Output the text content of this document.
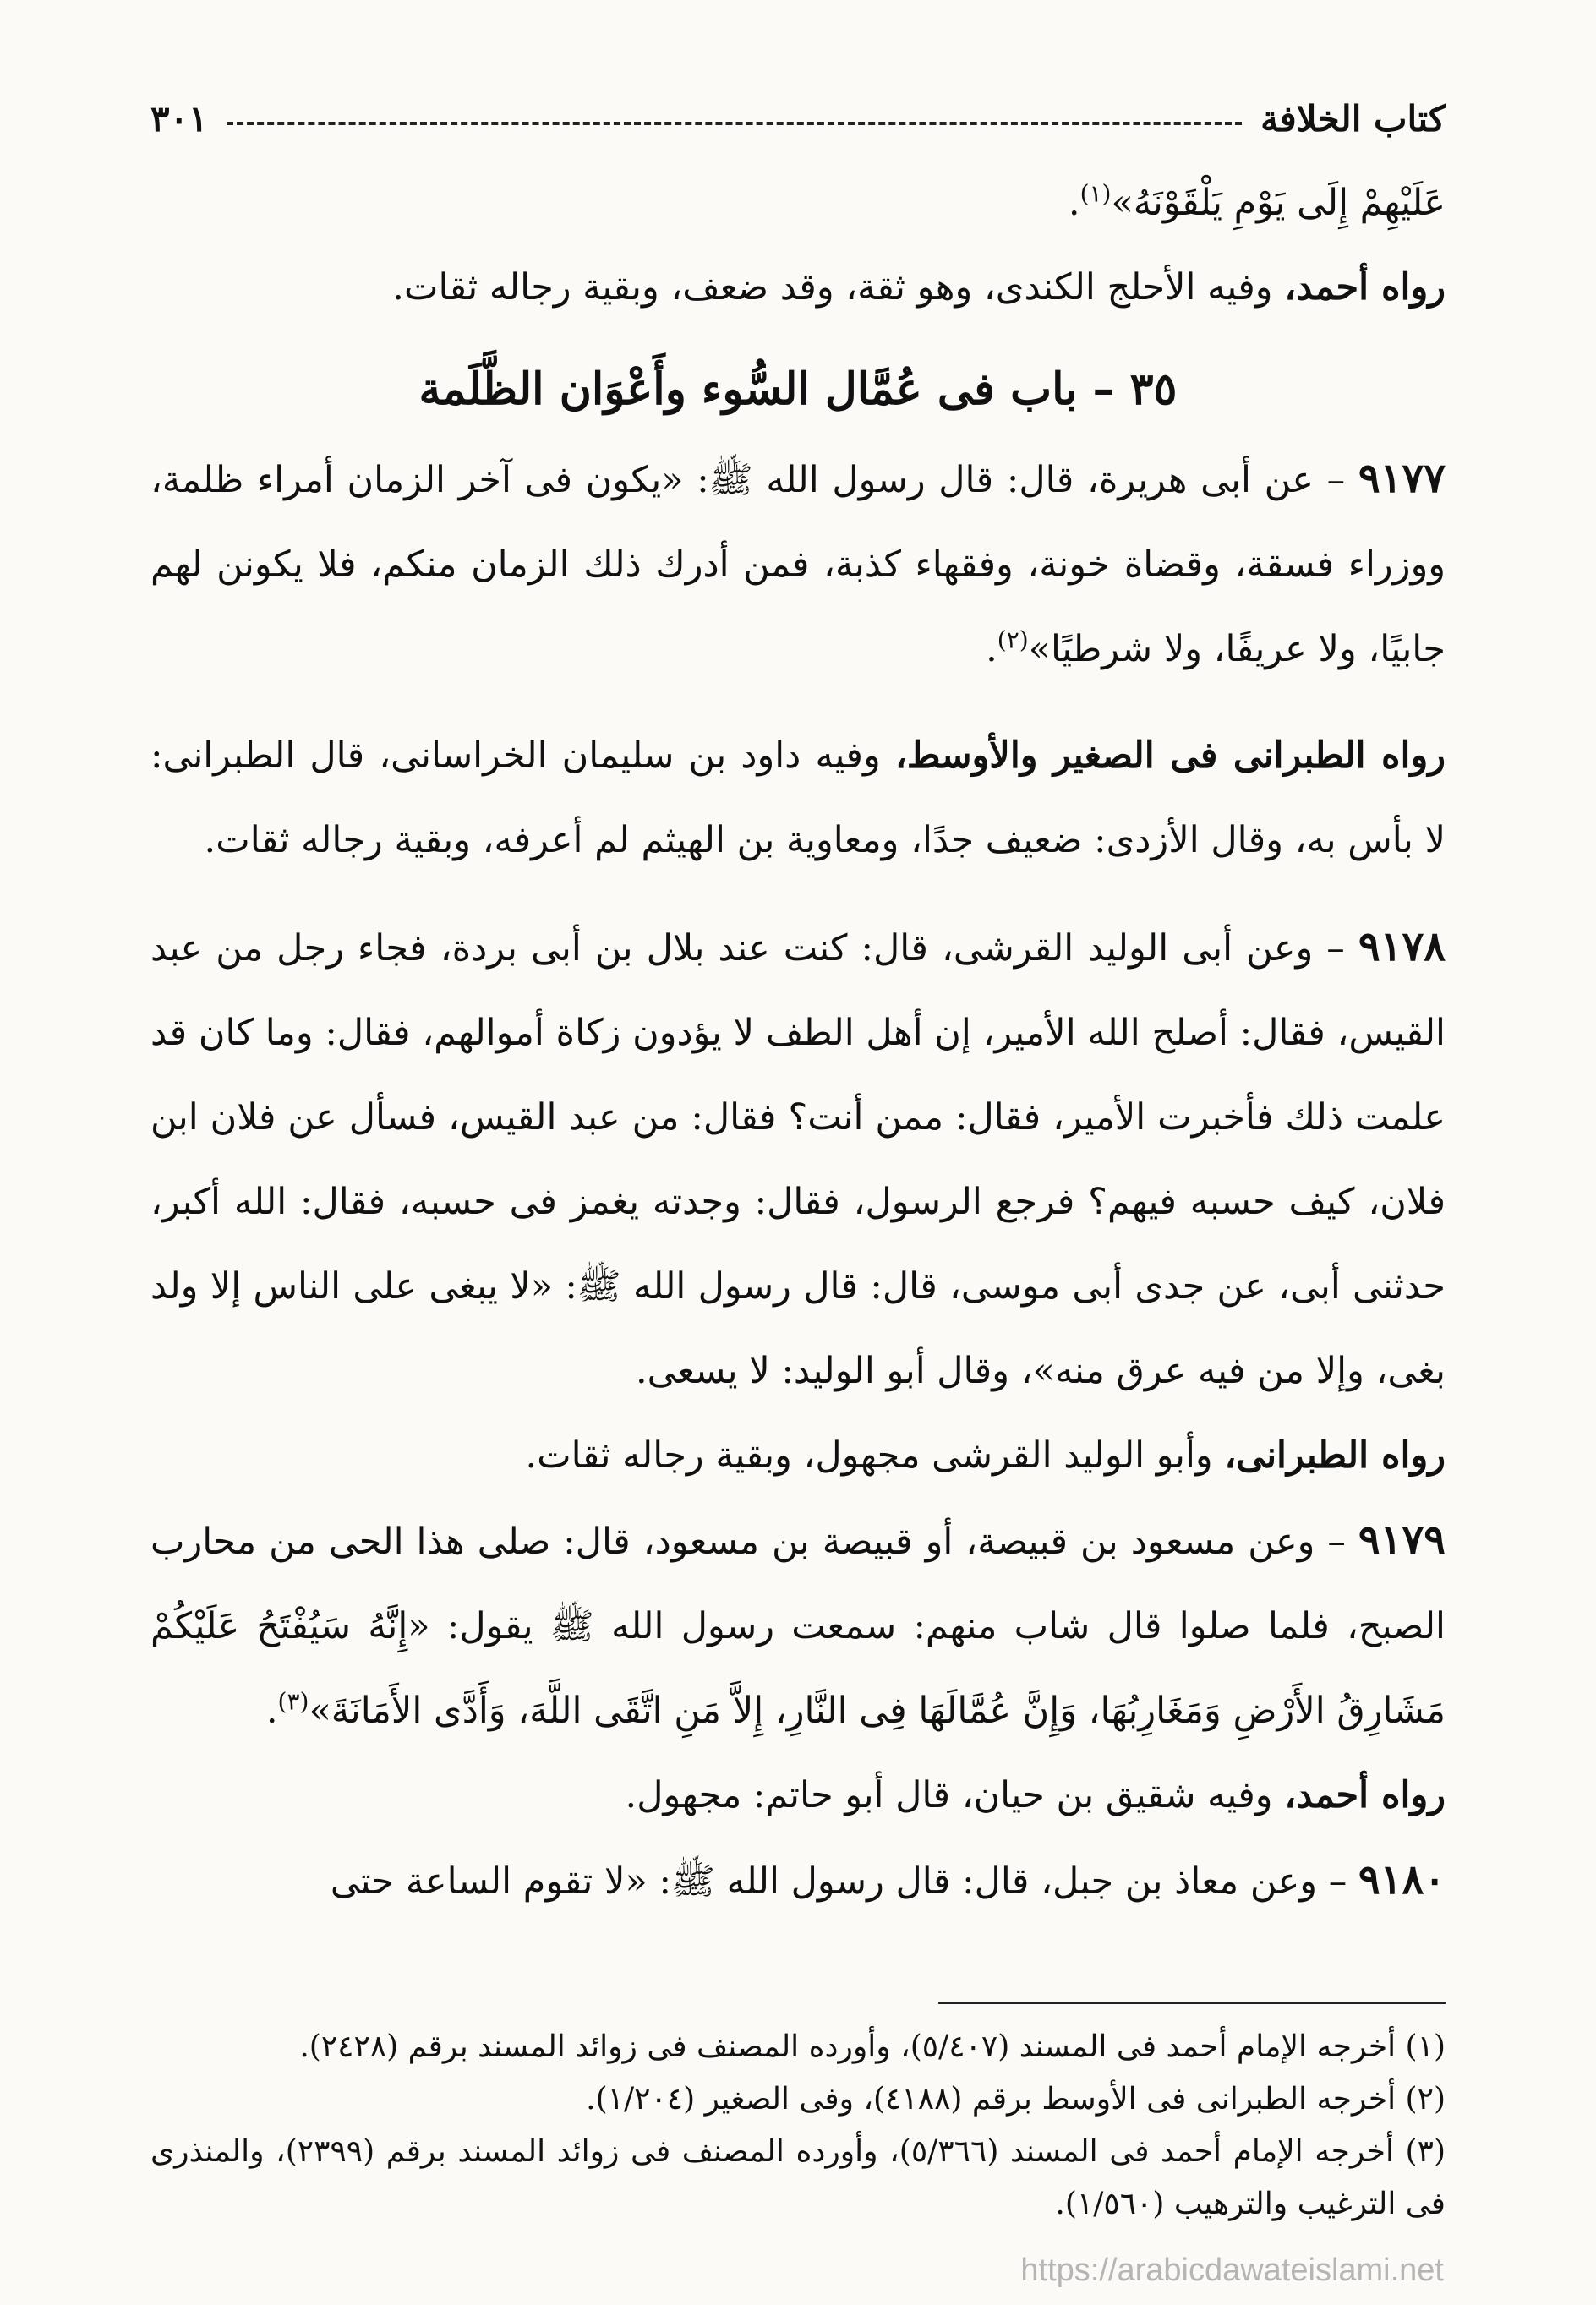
كتاب الخلافة
٣٠١

عَلَيْهِمْ إِلَى يَوْمِ يَلْقَوْنَهُ»$^{(١)}$.

رواه أحمد، وفيه الأحلج الكندى، وهو ثقة، وقد ضعف، وبقية رجاله ثقات.

٣٥ – باب فى عُمَّال السُّوء وأَعْوَان الظَّلَمة

٩١٧٧ – عن أبى هريرة، قال: قال رسول الله ﷺ: «يكون فى آخر الزمان أمراء ظلمة، ووزراء فسقة، وقضاة خونة، وفقهاء كذبة، فمن أدرك ذلك الزمان منكم، فلا يكونن لهم جابيًا، ولا عريفًا، ولا شرطيًا»$^{(٢)}$.

رواه الطبرانى فى الصغير والأوسط، وفيه داود بن سليمان الخراسانى، قال الطبرانى: لا بأس به، وقال الأزدى: ضعيف جدًا، ومعاوية بن الهيثم لم أعرفه، وبقية رجاله ثقات.

٩١٧٨ – وعن أبى الوليد القرشى، قال: كنت عند بلال بن أبى بردة، فجاء رجل من عبد القيس، فقال: أصلح الله الأمير، إن أهل الطف لا يؤدون زكاة أموالهم، فقال: وما كان قد علمت ذلك فأخبرت الأمير، فقال: ممن أنت؟ فقال: من عبد القيس، فسأل عن فلان ابن فلان، كيف حسبه فيهم؟ فرجع الرسول، فقال: وجدته يغمز فى حسبه، فقال: الله أكبر، حدثنى أبى، عن جدى أبى موسى، قال: قال رسول الله ﷺ: «لا يبغى على الناس إلا ولد بغى، وإلا من فيه عرق منه»، وقال أبو الوليد: لا يسعى.

رواه الطبرانى، وأبو الوليد القرشى مجهول، وبقية رجاله ثقات.

٩١٧٩ – وعن مسعود بن قبيصة، أو قبيصة بن مسعود، قال: صلى هذا الحى من محارب الصبح، فلما صلوا قال شاب منهم: سمعت رسول الله ﷺ يقول: «إِنَّهُ سَيُفْتَحُ عَلَيْكُمْ مَشَارِقُ الأَرْضِ وَمَغَارِبُهَا، وَإِنَّ عُمَّالَهَا فِى النَّارِ، إِلاَّ مَنِ اتَّقَى اللَّهَ، وَأَدَّى الأَمَانَةَ»$^{(٣)}$.

رواه أحمد، وفيه شقيق بن حيان، قال أبو حاتم: مجهول.

٩١٨٠ – وعن معاذ بن جبل، قال: قال رسول الله ﷺ: «لا تقوم الساعة حتى

(١) أخرجه الإمام أحمد فى المسند (٥/٤٠٧)، وأورده المصنف فى زوائد المسند برقم (٢٤٢٨).

(٢) أخرجه الطبرانى فى الأوسط برقم (٤١٨٨)، وفى الصغير (١/٢٠٤).

(٣) أخرجه الإمام أحمد فى المسند (٥/٣٦٦)، وأورده المصنف فى زوائد المسند برقم (٢٣٩٩)، والمنذرى فى الترغيب والترهيب (١/٥٦٠).

https://arabicdawateislami.net
